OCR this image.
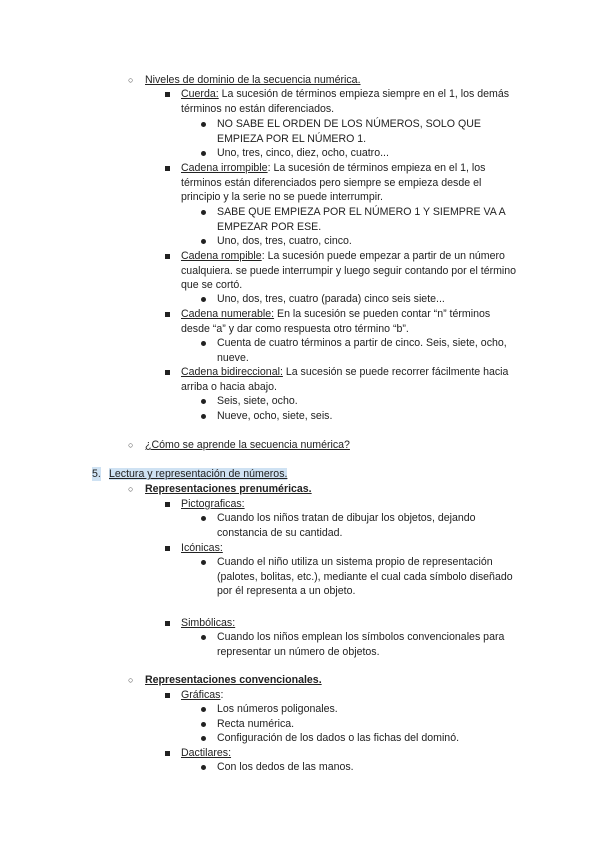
○ Niveles de dominio de la secuencia numérica.
Cuerda: La sucesión de términos empieza siempre en el 1, los demás términos no están diferenciados.
NO SABE EL ORDEN DE LOS NÚMEROS, SOLO QUE EMPIEZA POR EL NÚMERO 1.
Uno, tres, cinco, diez, ocho, cuatro...
Cadena irrompible: La sucesión de términos empieza en el 1, los términos están diferenciados pero siempre se empieza desde el principio y la serie no se puede interrumpir.
SABE QUE EMPIEZA POR EL NÚMERO 1 Y SIEMPRE VA A EMPEZAR POR ESE.
Uno, dos, tres, cuatro, cinco.
Cadena rompible: La sucesión puede empezar a partir de un número cualquiera. se puede interrumpir y luego seguir contando por el término que se cortó.
Uno, dos, tres, cuatro (parada) cinco seis siete...
Cadena numerable: En la sucesión se pueden contar “n” términos desde “a” y dar como respuesta otro término “b”.
Cuenta de cuatro términos a partir de cinco. Seis, siete, ocho, nueve.
Cadena bidireccional: La sucesión se puede recorrer fácilmente hacia arriba o hacia abajo.
Seis, siete, ocho.
Nueve, ocho, siete, seis.
○ ¿Cómo se aprende la secuencia numérica?
5. Lectura y representación de números.
○ Representaciones prenuméricas.
Pictograficas:
Cuando los niños tratan de dibujar los objetos, dejando constancia de su cantidad.
Icónicas:
Cuando el niño utiliza un sistema propio de representación (palotes, bolitas, etc.), mediante el cual cada símbolo diseñado por él representa a un objeto.
Simbólicas:
Cuando los niños emplean los símbolos convencionales para representar un número de objetos.
○ Representaciones convencionales.
Gráficas:
Los números poligonales.
Recta numérica.
Configuración de los dados o las fichas del dominó.
Dactilares:
Con los dedos de las manos.
